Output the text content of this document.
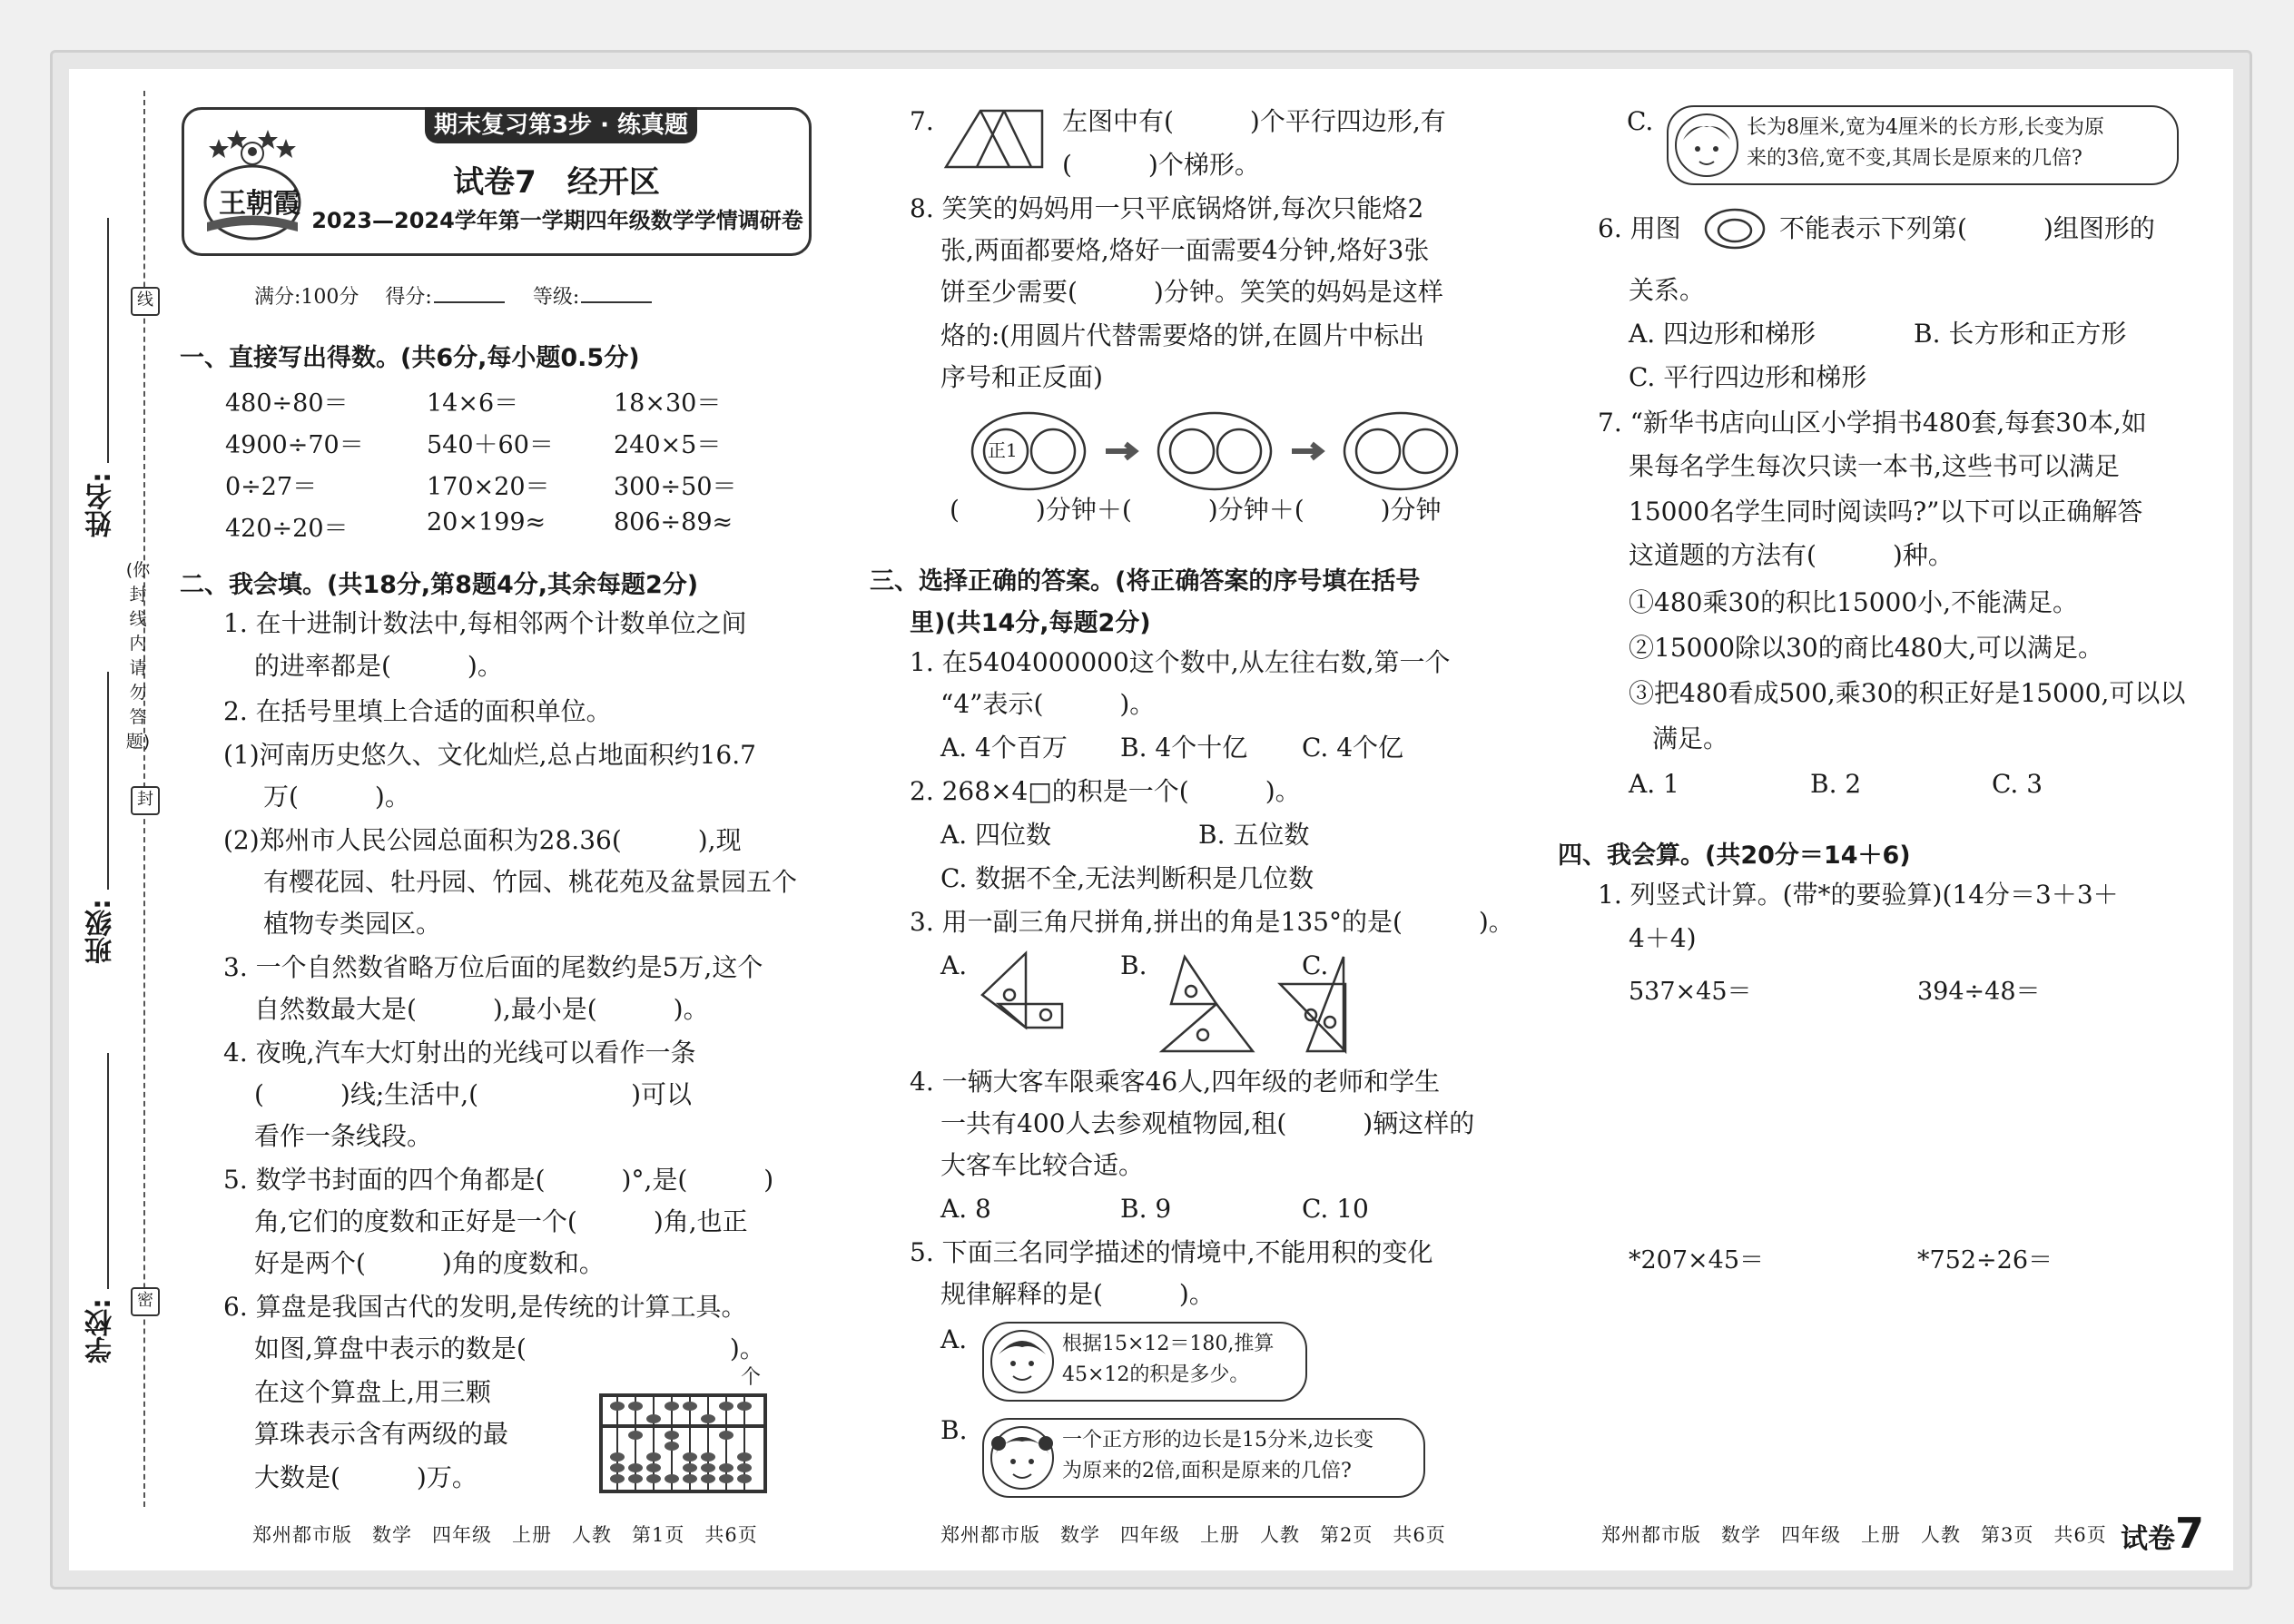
线
封
密
(你封线内请勿答题)
姓名:
班级:
学校:
期末复习第3步 · 练真题
王朝霞
试卷7　经开区
2023—2024学年第一学期四年级数学学情调研卷
满分:100分　 得分:	等级:
一、直接写出得数。(共6分,每小题0.5分)
480÷80＝	14×6＝	18×30＝
4900÷70＝	540＋60＝ 240×5＝
0÷27＝	170×20＝	300÷50＝
420÷20＝	20×199≈	806÷89≈
二、我会填。(共18分,第8题4分,其余每题2分)
1. 在十进制计数法中,每相邻两个计数单位之间
的进率都是(　　　)。
2. 在括号里填上合适的面积单位。
(1)河南历史悠久、文化灿烂,总占地面积约16.7
万(　　　)。
(2)郑州市人民公园总面积为28.36(　　　),现
有樱花园、牡丹园、竹园、桃花苑及盆景园五个
植物专类园区。
3. 一个自然数省略万位后面的尾数约是5万,这个
自然数最大是(　　　),最小是(　　　)。
4. 夜晚,汽车大灯射出的光线可以看作一条
(　　　)线;生活中,(　　　　　　)可以
看作一条线段。
5. 数学书封面的四个角都是(　　　)°,是(　　　)
角,它们的度数和正好是一个(　　　)角,也正
好是两个(　　　)角的度数和。
6. 算盘是我国古代的发明,是传统的计算工具。
如图,算盘中表示的数是(　　　　　　　　)。
在这个算盘上,用三颗
算珠表示含有两级的最
大数是(　　　)万。
个
7.	左图中有(　　　)个平行四边形,有
(　　　)个梯形。
8. 笑笑的妈妈用一只平底锅烙饼,每次只能烙2
张,两面都要烙,烙好一面需要4分钟,烙好3张
饼至少需要(　　　)分钟。笑笑的妈妈是这样
烙的:(用圆片代替需要烙的饼,在圆片中标出
序号和正反面)
正1
(　　　)分钟＋(　　　)分钟＋(　　　)分钟
三、选择正确的答案。(将正确答案的序号填在括号
里)(共14分,每题2分)
1. 在5404000000这个数中,从左往右数,第一个
“4”表示(　　　)。
A. 4个百万 B. 4个十亿 C. 4个亿
2. 268×4□的积是一个(　　　)。
A. 四位数	B. 五位数
C. 数据不全,无法判断积是几位数
3. 用一副三角尺拼角,拼出的角是135°的是(　　　)。
A.	B.	C.
4. 一辆大客车限乘客46人,四年级的老师和学生
一共有400人去参观植物园,租(　　　)辆这样的
大客车比较合适。
A. 8	B. 9	C. 10
5. 下面三名同学描述的情境中,不能用积的变化
规律解释的是(　　　)。
A.	根据15×12＝180,推算
45×12的积是多少。
B.	一个正方形的边长是15分米,边长变
为原来的2倍,面积是原来的几倍?
C.	长为8厘米,宽为4厘米的长方形,长变为原
来的3倍,宽不变,其周长是原来的几倍?
6. 用图	不能表示下列第(　　　)组图形的
关系。
A. 四边形和梯形	B. 长方形和正方形
C. 平行四边形和梯形
7. “新华书店向山区小学捐书480套,每套30本,如
果每名学生每次只读一本书,这些书可以满足
15000名学生同时阅读吗?”以下可以正确解答
这道题的方法有(　　　)种。
①480乘30的积比15000小,不能满足。
②15000除以30的商比480大,可以满足。
③把480看成500,乘30的积正好是15000,可以以
满足。
A. 1	B. 2	C. 3
四、我会算。(共20分＝14＋6)
1. 列竖式计算。(带*的要验算)(14分＝3＋3＋
4＋4)
537×45＝	394÷48＝
*207×45＝	*752÷26＝
郑州都市版　数学　四年级　上册　人教　第1页　共6页	郑州都市版　数学　四年级　上册　人教　第2页　共6页	郑州都市版　数学　四年级　上册　人教　第3页　共6页 试卷7
